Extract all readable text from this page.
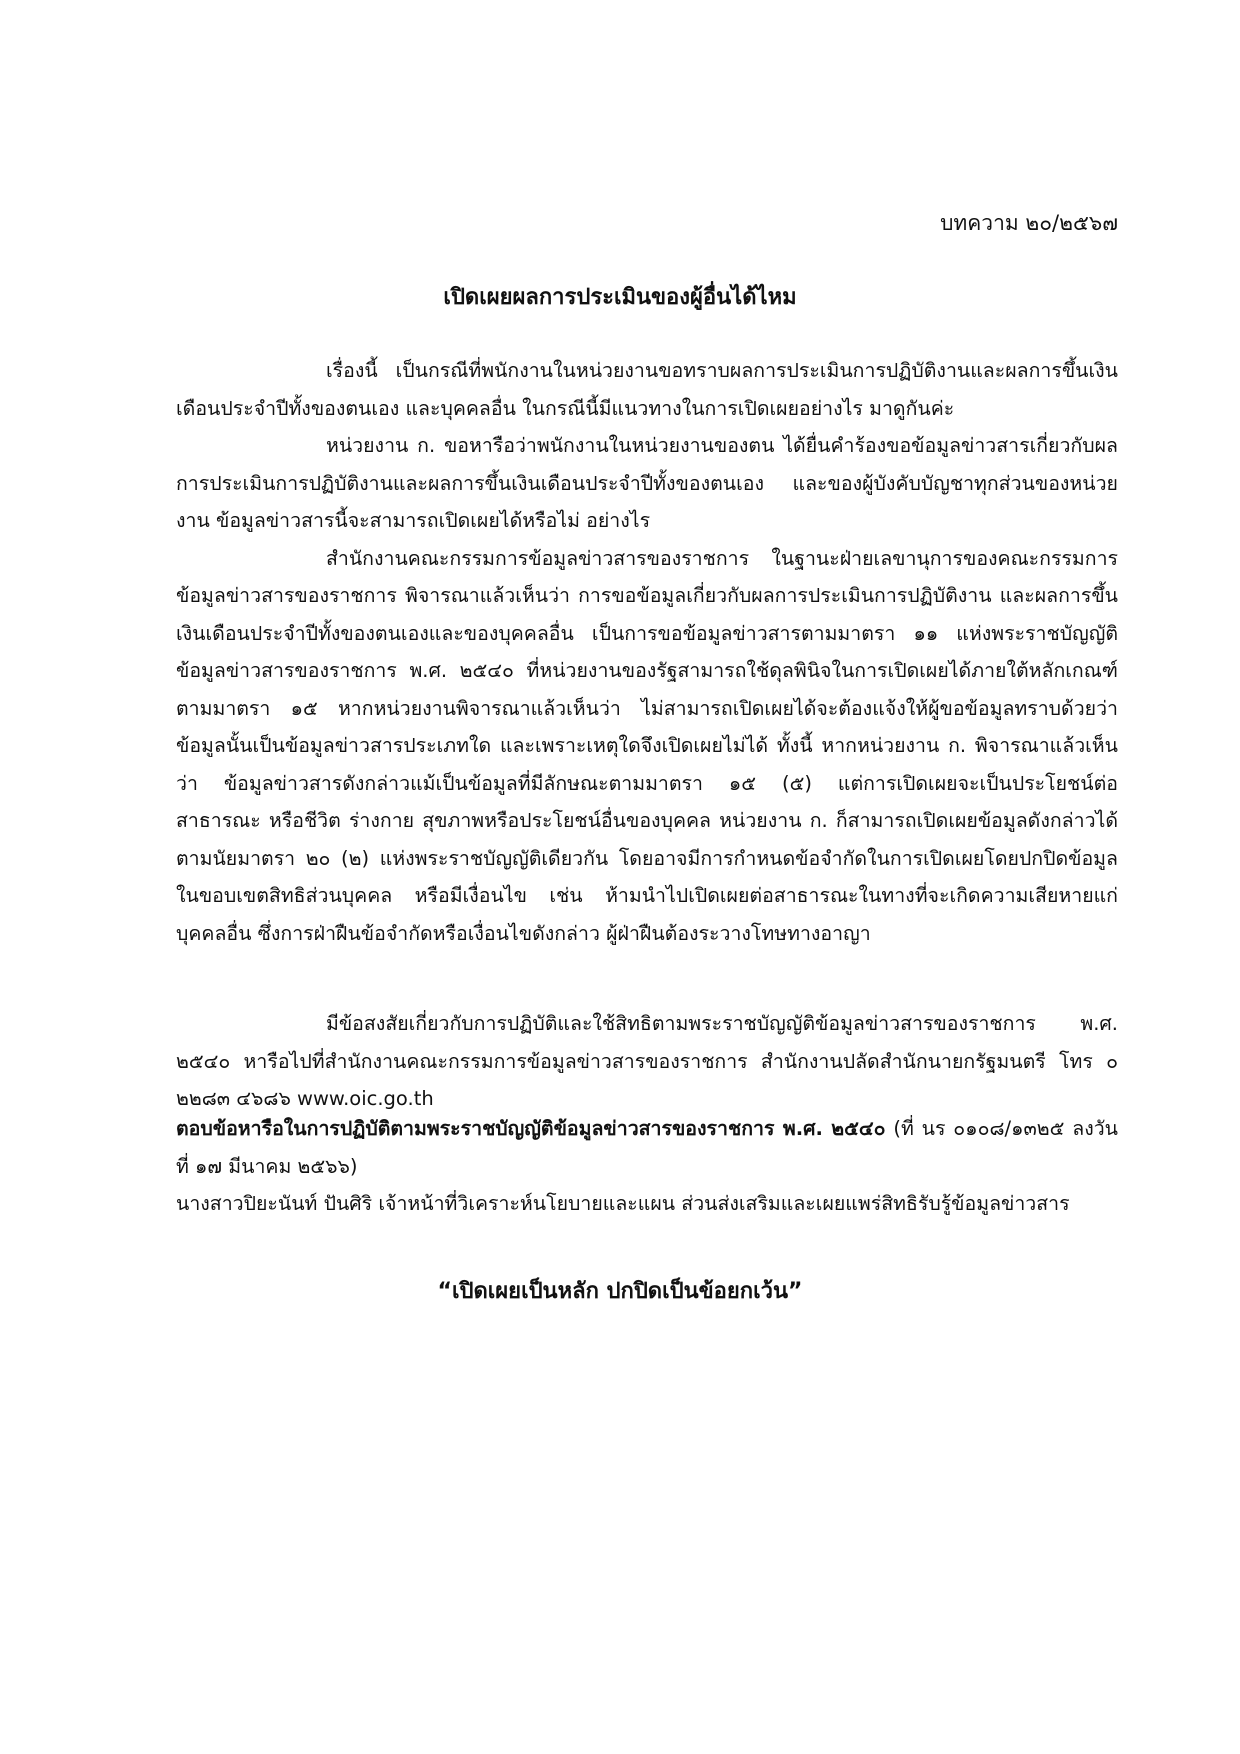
บทความ ๒๐/๒๕๖๗
เปิดเผยผลการประเมินของผู้อื่นได้ไหม

เรื่องนี้ เป็นกรณีที่พนักงานในหน่วยงานขอทราบผลการประเมินการปฏิบัติงานและผลการขึ้นเงินเดือนประจำปีทั้งของตนเอง และบุคคลอื่น ในกรณีนี้มีแนวทางในการเปิดเผยอย่างไร มาดูกันค่ะ

หน่วยงาน ก. ขอหารือว่าพนักงานในหน่วยงานของตน ได้ยื่นคำร้องขอข้อมูลข่าวสารเกี่ยวกับผลการประเมินการปฏิบัติงานและผลการขึ้นเงินเดือนประจำปีทั้งของตนเอง และของผู้บังคับบัญชาทุกส่วนของหน่วยงาน ข้อมูลข่าวสารนี้จะสามารถเปิดเผยได้หรือไม่ อย่างไร

สำนักงานคณะกรรมการข้อมูลข่าวสารของราชการ ในฐานะฝ่ายเลขานุการของคณะกรรมการข้อมูลข่าวสารของราชการ พิจารณาแล้วเห็นว่า การขอข้อมูลเกี่ยวกับผลการประเมินการปฏิบัติงาน และผลการขึ้นเงินเดือนประจำปีทั้งของตนเองและของบุคคลอื่น เป็นการขอข้อมูลข่าวสารตามมาตรา ๑๑ แห่งพระราชบัญญัติข้อมูลข่าวสารของราชการ พ.ศ. ๒๕๔๐ ที่หน่วยงานของรัฐสามารถใช้ดุลพินิจในการเปิดเผยได้ภายใต้หลักเกณฑ์ตามมาตรา ๑๕ หากหน่วยงานพิจารณาแล้วเห็นว่า ไม่สามารถเปิดเผยได้จะต้องแจ้งให้ผู้ขอข้อมูลทราบด้วยว่าข้อมูลนั้นเป็นข้อมูลข่าวสารประเภทใด และเพราะเหตุใดจึงเปิดเผยไม่ได้ ทั้งนี้ หากหน่วยงาน ก. พิจารณาแล้วเห็นว่า ข้อมูลข่าวสารดังกล่าวแม้เป็นข้อมูลที่มีลักษณะตามมาตรา ๑๕ (๕) แต่การเปิดเผยจะเป็นประโยชน์ต่อสาธารณะ หรือชีวิต ร่างกาย สุขภาพหรือประโยชน์อื่นของบุคคล หน่วยงาน ก. ก็สามารถเปิดเผยข้อมูลดังกล่าวได้ตามนัยมาตรา ๒๐ (๒) แห่งพระราชบัญญัติเดียวกัน โดยอาจมีการกำหนดข้อจำกัดในการเปิดเผยโดยปกปิดข้อมูลในขอบเขตสิทธิส่วนบุคคล หรือมีเงื่อนไข เช่น ห้ามนำไปเปิดเผยต่อสาธารณะในทางที่จะเกิดความเสียหายแก่บุคคลอื่น ซึ่งการฝ่าฝืนข้อจำกัดหรือเงื่อนไขดังกล่าว ผู้ฝ่าฝืนต้องระวางโทษทางอาญา

มีข้อสงสัยเกี่ยวกับการปฏิบัติและใช้สิทธิตามพระราชบัญญัติข้อมูลข่าวสารของราชการ พ.ศ. ๒๕๔๐ หารือไปที่สำนักงานคณะกรรมการข้อมูลข่าวสารของราชการ สำนักงานปลัดสำนักนายกรัฐมนตรี โทร ๐ ๒๒๘๓ ๔๖๘๖ www.oic.go.th

ตอบข้อหารือในการปฏิบัติตามพระราชบัญญัติข้อมูลข่าวสารของราชการ พ.ศ. ๒๕๔๐ (ที่ นร ๐๑๐๘/๑๓๒๕ ลงวันที่ ๑๗ มีนาคม ๒๕๖๖)

นางสาวปิยะนันท์ ปันศิริ เจ้าหน้าที่วิเคราะห์นโยบายและแผน ส่วนส่งเสริมและเผยแพร่สิทธิรับรู้ข้อมูลข่าวสาร

“เปิดเผยเป็นหลัก ปกปิดเป็นข้อยกเว้น”
